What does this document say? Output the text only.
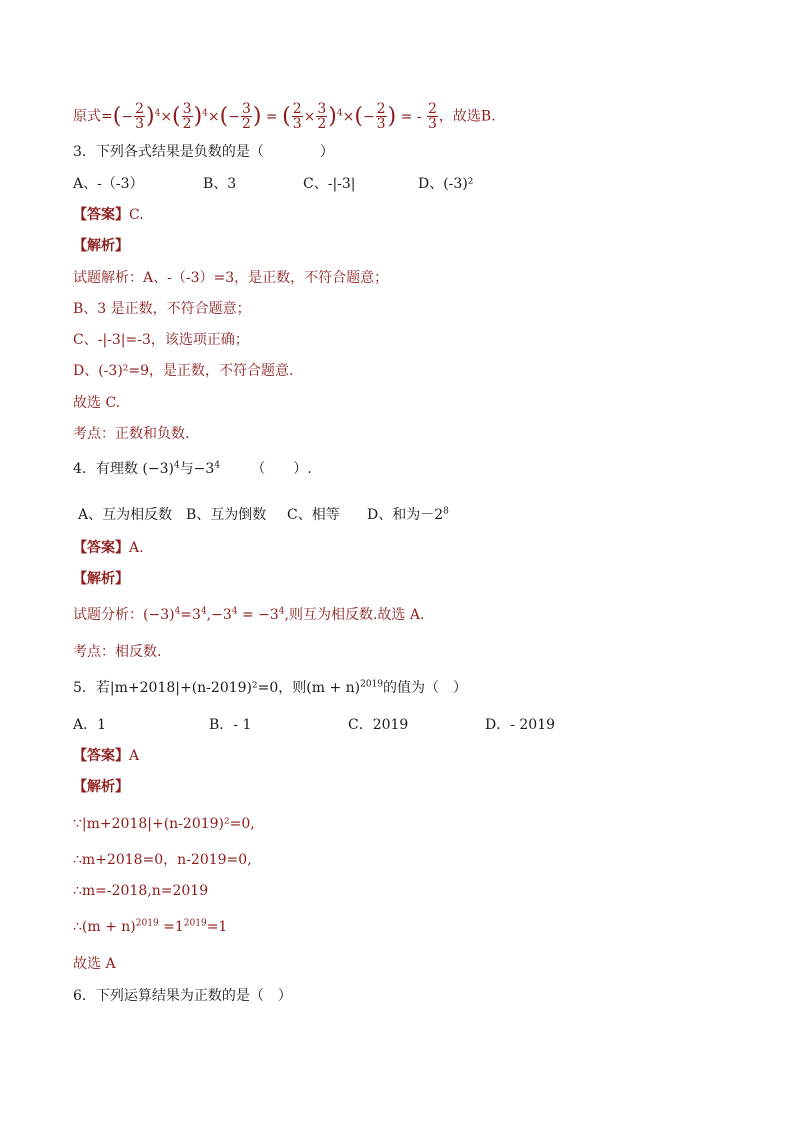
原式=(− $\frac{2}{3} )^4\times( \frac{3}{2} )^4\times(- \frac{3}{2}$ ) = ( $\frac{2}{3} \times \frac{3}{2} )^4\times(- \frac{2}{3}$ ) = - $\frac{2}{3}$ ，故选B.
3．下列各式结果是负数的是（　　　　）
A、-（-3）	B、3	C、-|-3|	D、(-3)²
【答案】C.
【解析】
试题解析：A、-（-3）=3，是正数，不符合题意；
B、3 是正数，不符合题意；
C、-|-3|=-3，该选项正确；
D、(-3)²=9，是正数，不符合题意.
故选 C.
考点：正数和负数.
4．有理数 $(-3)^4$与$-3^4$ （　　）.
A、互为相反数 B、互为倒数 C、相等 D、和为$-2^8$
【答案】A.
【解析】
试题分析：$(-3)^4=3^4,-3^4 = -3^4$,则互为相反数.故选 A.
考点：相反数.
5．若|m+2018|+(n-2019)²=0，则$(m + n)^{2019}$的值为（　）
A．1	B．- 1	C．2019	D．- 2019
【答案】A
【解析】
∵|m+2018|+(n-2019)²=0,
∴m+2018=0，n-2019=0,
∴m=-2018,n=2019
∴(m + $n)^{2019} =1^{2019}=1$
故选 A
6．下列运算结果为正数的是（　）
